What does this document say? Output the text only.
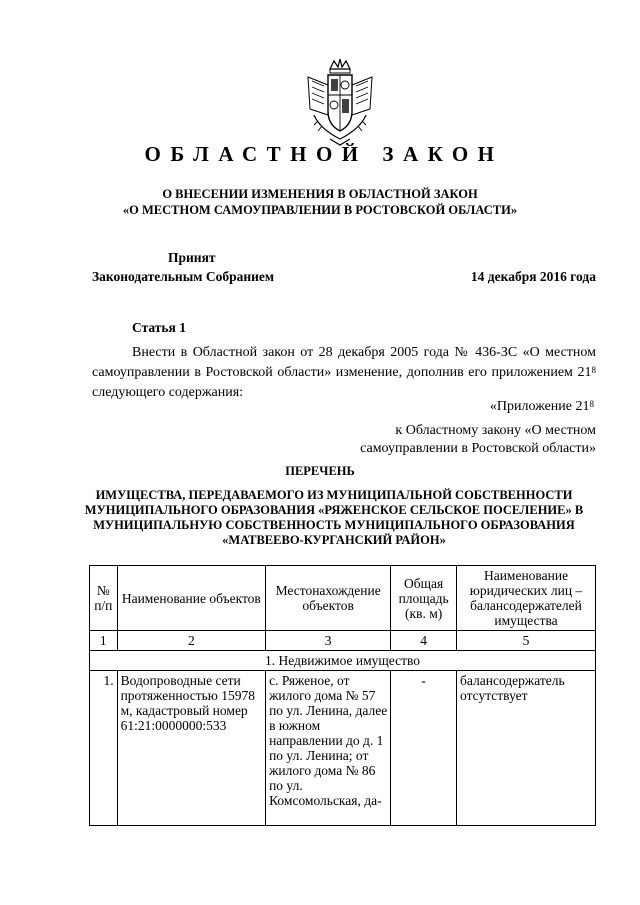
ОБЛАСТНОЙ ЗАКОН
О ВНЕСЕНИИ ИЗМЕНЕНИЯ В ОБЛАСТНОЙ ЗАКОН
«О МЕСТНОМ САМОУПРАВЛЕНИИ В РОСТОВСКОЙ ОБЛАСТИ»
Принят
Законодательным Собранием	14 декабря 2016 года
Статья 1
Внести в Областной закон от 28 декабря 2005 года № 436-ЗС «О местном самоуправлении в Ростовской области» изменение, дополнив его приложением $21^8$ следующего содержания:
«Приложение $21^8$
к Областному закону «О местном
самоуправлении в Ростовской области»
ПЕРЕЧЕНЬ
ИМУЩЕСТВА, ПЕРЕДАВАЕМОГО ИЗ МУНИЦИПАЛЬНОЙ СОБСТВЕННОСТИ МУНИЦИПАЛЬНОГО ОБРАЗОВАНИЯ «РЯЖЕНСКОЕ СЕЛЬСКОЕ ПОСЕЛЕНИЕ» В МУНИЦИПАЛЬНУЮ СОБСТВЕННОСТЬ МУНИЦИПАЛЬНОГО ОБРАЗОВАНИЯ «МАТВЕЕВО-КУРГАНСКИЙ РАЙОН»
№ п/п	Наименование объектов	Местонахождение объектов	Общая площадь (кв. м)	Наименование юридических лиц – балансодержателей имущества
1	2	3	4	5
1. Недвижимое имущество				
1.	Водопроводные сети протяженностью 15978 м, кадастровый номер 61:21:0000000:533	с. Ряженое, от жилого дома № 57 по ул. Ленина, далее в южном направлении до д. 1 по ул. Ленина; от жилого дома № 86 по ул. Комсомольская, да-	-	балансодержатель отсутствует
